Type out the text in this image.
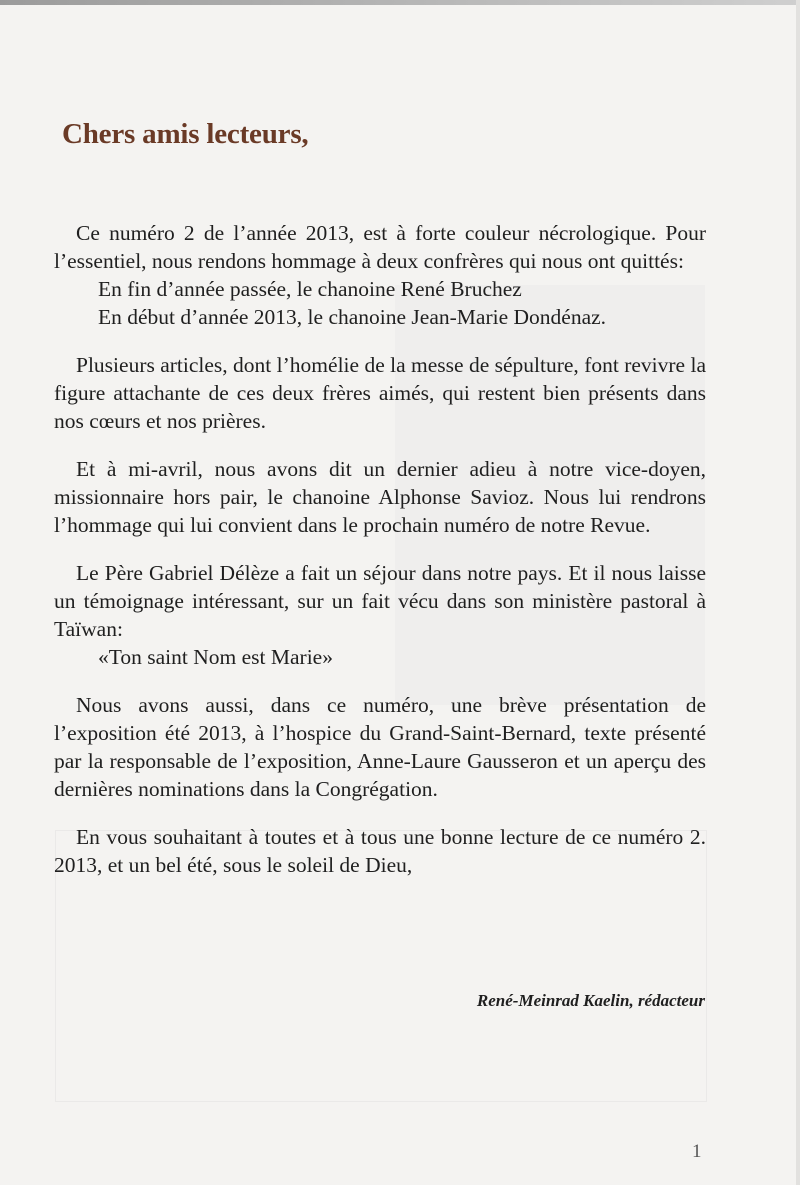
Chers amis lecteurs,

Ce numéro 2 de l’année 2013, est à forte couleur nécrologique. Pour l’essentiel, nous rendons hommage à deux confrères qui nous ont quittés:

En fin d’année passée, le chanoine René Bruchez

En début d’année 2013, le chanoine Jean-Marie Dondénaz.

Plusieurs articles, dont l’homélie de la messe de sépulture, font revivre la figure attachante de ces deux frères aimés, qui restent bien présents dans nos cœurs et nos prières.

Et à mi-avril, nous avons dit un dernier adieu à notre vice-doyen, missionnaire hors pair, le chanoine Alphonse Savioz. Nous lui rendrons l’hommage qui lui convient dans le prochain numéro de notre Revue.

Le Père Gabriel Délèze a fait un séjour dans notre pays. Et il nous laisse un témoignage intéressant, sur un fait vécu dans son ministère pastoral à Taïwan:

«Ton saint Nom est Marie»

Nous avons aussi, dans ce numéro, une brève présentation de l’exposition été 2013, à l’hospice du Grand-Saint-Bernard, texte présenté par la responsable de l’exposition, Anne-Laure Gausseron et un aperçu des dernières nominations dans la Congrégation.

En vous souhaitant à toutes et à tous une bonne lecture de ce numéro 2. 2013, et un bel été, sous le soleil de Dieu,

René-Meinrad Kaelin, rédacteur
1
